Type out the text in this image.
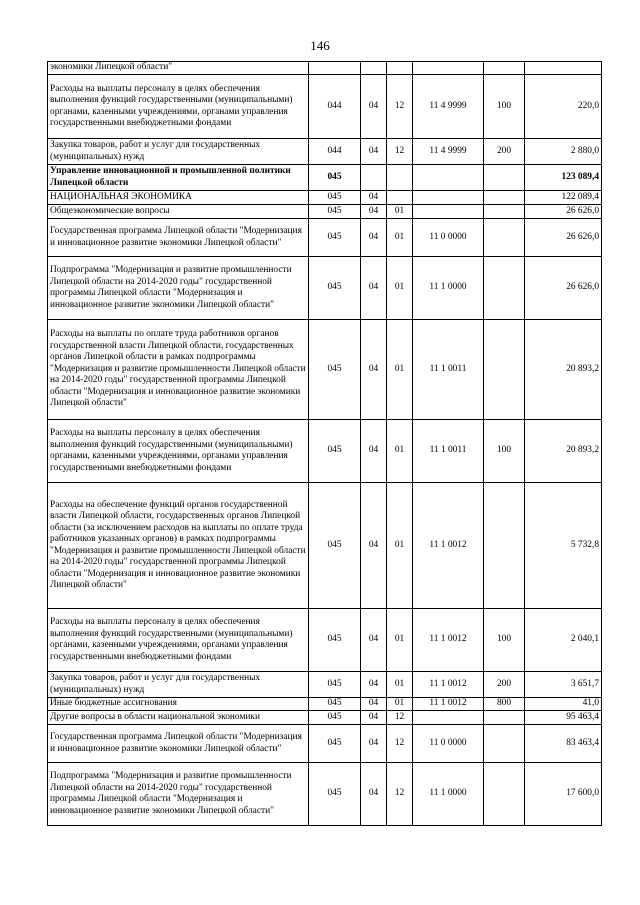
146
экономики Липецкой области"						
Расходы на выплаты персоналу в целях обеспечения выполнения функций государственными (муниципальными) органами, казенными учреждениями, органами управления государственными внебюджетными фондами	044	04	12	11 4 9999	100	220,0
Закупка товаров, работ и услуг для государственных (муниципальных) нужд	044	04	12	11 4 9999	200	2 880,0
Управление инновационной и промышленной политики Липецкой области	045					123 089,4
НАЦИОНАЛЬНАЯ ЭКОНОМИКА	045	04				122 089,4
Общеэкономические вопросы	045	04	01			26 626,0
Государственная программа Липецкой области "Модернизация и инновационное развитие экономики Липецкой области"	045	04	01	11 0 0000		26 626,0
Подпрограмма "Модернизация и развитие промышленности Липецкой области на 2014-2020 годы" государственной программы Липецкой области "Модернизация и инновационное развитие экономики Липецкой области"	045	04	01	11 1 0000		26 626,0
Расходы на выплаты по оплате труда работников органов государственной власти Липецкой области, государственных органов Липецкой области в рамках подпрограммы "Модернизация и развитие промышленности Липецкой области на 2014-2020 годы" государственной программы Липецкой области "Модернизация и инновационное развитие экономики Липецкой области"	045	04	01	11 1 0011		20 893,2
Расходы на выплаты персоналу в целях обеспечения выполнения функций государственными (муниципальными) органами, казенными учреждениями, органами управления государственными внебюджетными фондами	045	04	01	11 1 0011	100	20 893,2
Расходы на обеспечение функций органов государственной власти Липецкой области, государственных органов Липецкой области (за исключением расходов на выплаты по оплате труда работников указанных органов) в рамках подпрограммы "Модернизация и развитие промышленности Липецкой области на 2014-2020 годы" государственной программы Липецкой области "Модернизация и инновационное развитие экономики Липецкой области"	045	04	01	11 1 0012		5 732,8
Расходы на выплаты персоналу в целях обеспечения выполнения функций государственными (муниципальными) органами, казенными учреждениями, органами управления государственными внебюджетными фондами	045	04	01	11 1 0012	100	2 040,1
Закупка товаров, работ и услуг для государственных (муниципальных) нужд	045	04	01	11 1 0012	200	3 651,7
Иные бюджетные ассигнования	045	04	01	11 1 0012	800	41,0
Другие вопросы в области национальной экономики	045	04	12			95 463,4
Государственная программа Липецкой области "Модернизация и инновационное развитие экономики Липецкой области"	045	04	12	11 0 0000		83 463,4
Подпрограмма "Модернизация и развитие промышленности Липецкой области на 2014-2020 годы" государственной программы Липецкой области "Модернизация и инновационное развитие экономики Липецкой области"	045	04	12	11 1 0000		17 600,0
